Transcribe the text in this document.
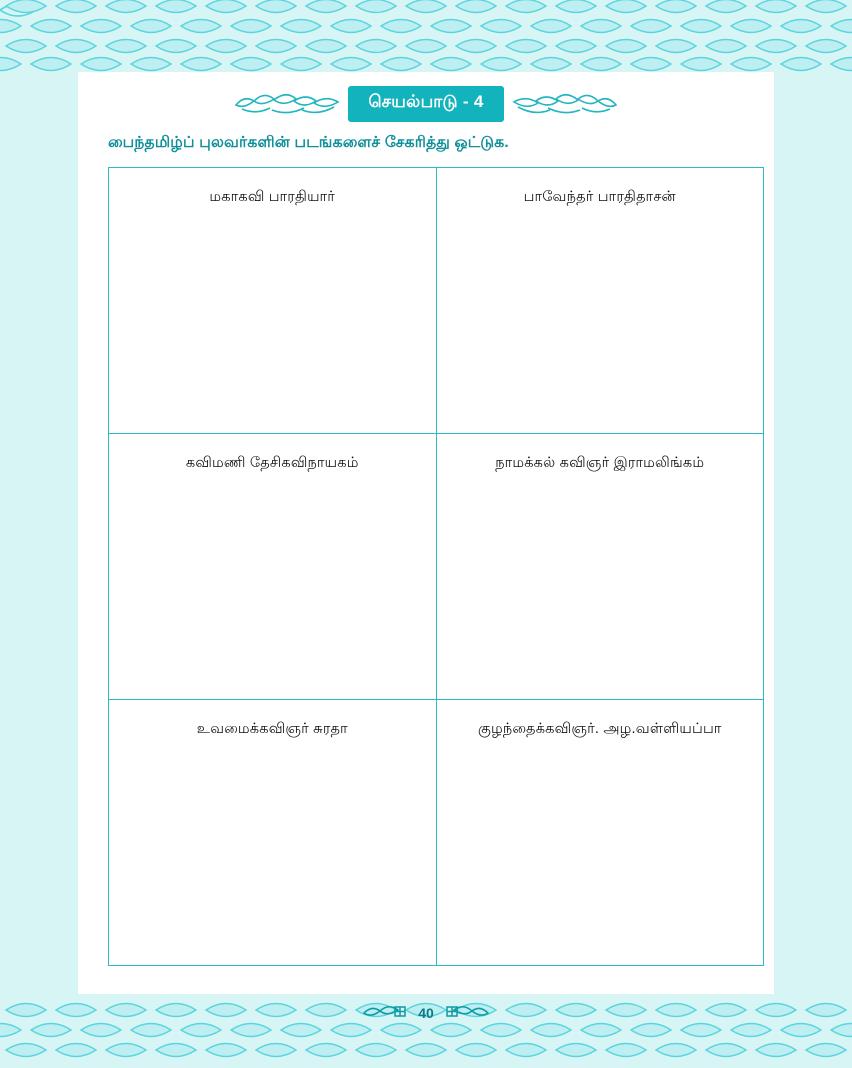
செயல்பாடு - 4
பைந்தமிழ்ப் புலவர்களின் படங்களைச் சேகரித்து ஒட்டுக.
மகாகவி பாரதியார்	பாவேந்தர் பாரதிதாசன்
கவிமணி தேசிகவிநாயகம்	நாமக்கல் கவிஞர் இராமலிங்கம்
உவமைக்கவிஞர் சுரதா	குழந்தைக்கவிஞர். அழ.வள்ளியப்பா
40
